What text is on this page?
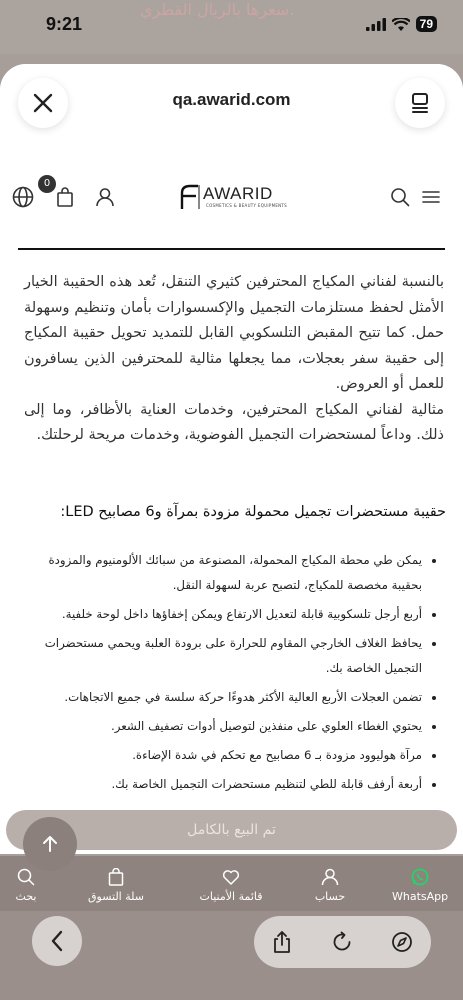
سعرها بالريال القطري.
9:21	79
qa.awarid.com
0
AWARID
COSMETICS & BEAUTY EQUIPMENTS

بالنسبة لفناني المكياج المحترفين كثيري التنقل، تُعد هذه الحقيبة الخيار الأمثل لحفظ مستلزمات التجميل والإكسسوارات بأمان وتنظيم وسهولة حمل. كما تتيح المقبض التلسكوبي القابل للتمديد تحويل حقيبة المكياج إلى حقيبة سفر بعجلات، مما يجعلها مثالية للمحترفين الذين يسافرون للعمل أو العروض.

مثالية لفناني المكياج المحترفين، وخدمات العناية بالأظافر، وما إلى ذلك. وداعاً لمستحضرات التجميل الفوضوية، وخدمات مريحة لرحلتك.

حقيبة مستحضرات تجميل محمولة مزودة بمرآة و6 مصابيح LED:
• يمكن طي محطة المكياج المحمولة، المصنوعة من سبائك الألومنيوم والمزودة بحقيبة مخصصة للمكياج، لتصبح عربة لسهولة النقل.
• أربع أرجل تلسكوبية قابلة لتعديل الارتفاع ويمكن إخفاؤها داخل لوحة خلفية.
• يحافظ الغلاف الخارجي المقاوم للحرارة على برودة العلبة ويحمي مستحضرات التجميل الخاصة بك.
• تضمن العجلات الأربع العالية الأكثر هدوءًا حركة سلسة في جميع الاتجاهات.
• يحتوي الغطاء العلوي على منفذين لتوصيل أدوات تصفيف الشعر.
• مرآة هوليوود مزودة بـ 6 مصابيح مع تحكم في شدة الإضاءة.
• أربعة أرفف قابلة للطي لتنظيم مستحضرات التجميل الخاصة بك.
تم البيع بالكامل
WhatsApp
حساب
قائمة الأمنيات
سلة التسوق
بحث
